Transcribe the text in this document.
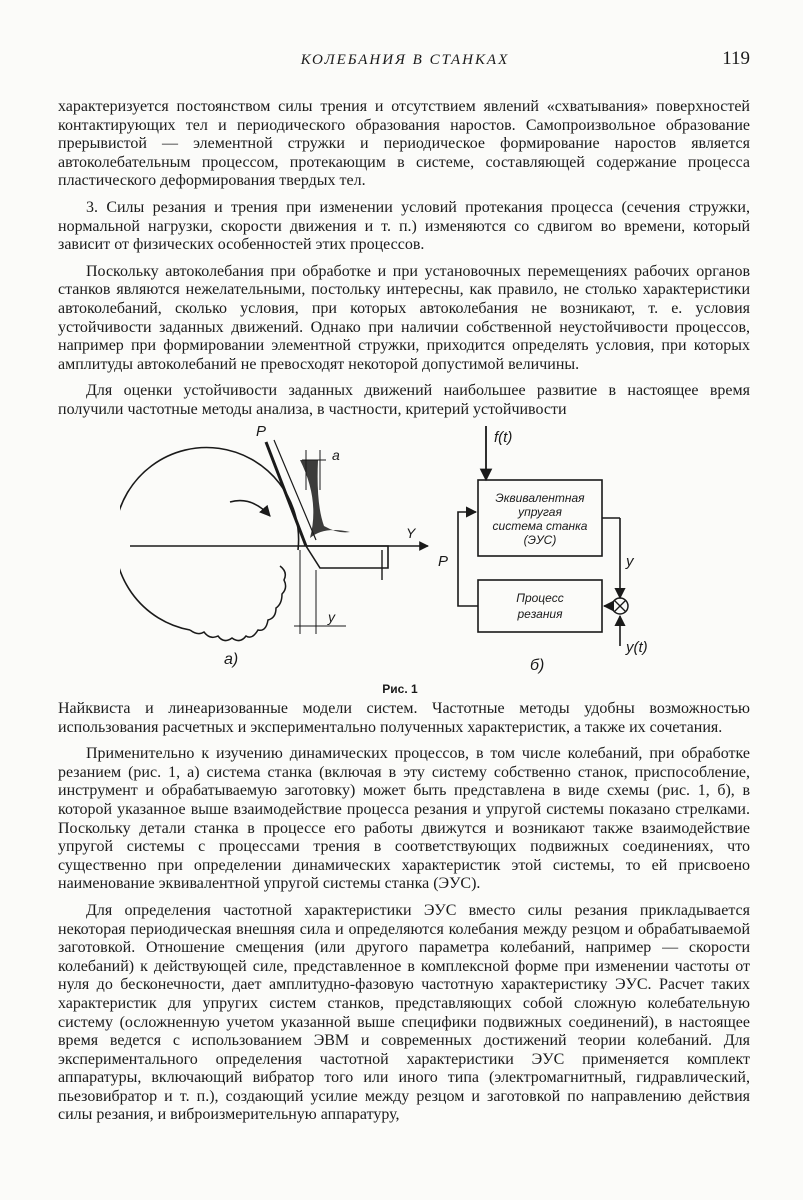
КОЛЕБАНИЯ В СТАНКАХ	119

характеризуется постоянством силы трения и отсутствием явлений «схватывания» поверхностей контактирующих тел и периодического образования наростов. Самопроизвольное образование прерывистой — элементной стружки и периодическое формирование наростов является автоколебательным процессом, протекающим в системе, составляющей содержание процесса пластического деформирования твердых тел.

3. Силы резания и трения при изменении условий протекания процесса (сечения стружки, нормальной нагрузки, скорости движения и т. п.) изменяются со сдвигом во времени, который зависит от физических особенностей этих процессов.

Поскольку автоколебания при обработке и при установочных перемещениях рабочих органов станков являются нежелательными, постольку интересны, как правило, не столько характеристики автоколебаний, сколько условия, при которых автоколебания не возникают, т. е. условия устойчивости заданных движений. Однако при наличии собственной неустойчивости процессов, например при формировании элементной стружки, приходится определять условия, при которых амплитуды автоколебаний не превосходят некоторой допустимой величины.

Для оценки устойчивости заданных движений наибольшее развитие в настоящее время получили частотные методы анализа, в частности, критерий устойчивости

P
a
Y
y
а)
f(t)
Эквивалентная
упругая
система станка
(ЭУС)
Процесс
резания
P	y
y(t)
б)
Рис. 1

Найквиста и линеаризованные модели систем. Частотные методы удобны возможностью использования расчетных и экспериментально полученных характеристик, а также их сочетания.

Применительно к изучению динамических процессов, в том числе колебаний, при обработке резанием (рис. 1, а) система станка (включая в эту систему собственно станок, приспособление, инструмент и обрабатываемую заготовку) может быть представлена в виде схемы (рис. 1, б), в которой указанное выше взаимодействие процесса резания и упругой системы показано стрелками. Поскольку детали станка в процессе его работы движутся и возникают также взаимодействие упругой системы с процессами трения в соответствующих подвижных соединениях, что существенно при определении динамических характеристик этой системы, то ей присвоено наименование эквивалентной упругой системы станка (ЭУС).

Для определения частотной характеристики ЭУС вместо силы резания прикладывается некоторая периодическая внешняя сила и определяются колебания между резцом и обрабатываемой заготовкой. Отношение смещения (или другого параметра колебаний, например — скорости колебаний) к действующей силе, представленное в комплексной форме при изменении частоты от нуля до бесконечности, дает амплитудно-фазовую частотную характеристику ЭУС. Расчет таких характеристик для упругих систем станков, представляющих собой сложную колебательную систему (осложненную учетом указанной выше специфики подвижных соединений), в настоящее время ведется с использованием ЭВМ и современных достижений теории колебаний. Для экспериментального определения частотной характеристики ЭУС применяется комплект аппаратуры, включающий вибратор того или иного типа (электромагнитный, гидравлический, пьезовибратор и т. п.), создающий усилие между резцом и заготовкой по направлению действия силы резания, и виброизмерительную аппаратуру,
